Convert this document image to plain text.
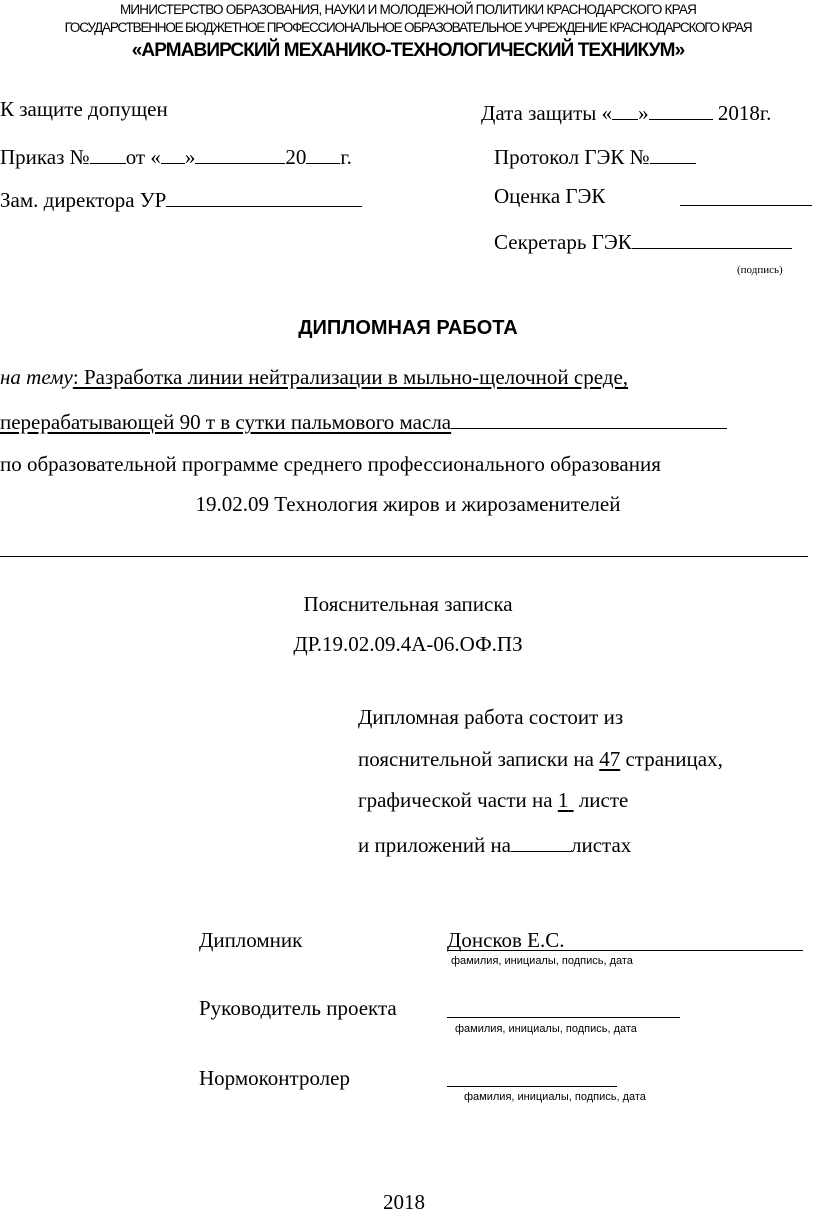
МИНИСТЕРСТВО ОБРАЗОВАНИЯ, НАУКИ И МОЛОДЕЖНОЙ ПОЛИТИКИ КРАСНОДАРСКОГО КРАЯ
ГОСУДАРСТВЕННОЕ БЮДЖЕТНОЕ ПРОФЕССИОНАЛЬНОЕ ОБРАЗОВАТЕЛЬНОЕ УЧРЕЖДЕНИЕ КРАСНОДАРСКОГО КРАЯ
«АРМАВИРСКИЙ МЕХАНИКО-ТЕХНОЛОГИЧЕСКИЙ ТЕХНИКУМ»
К защите допущен	Дата защиты « »	2018г.
Приказ № от « »	20 г.	Протокол ГЭК №
Зам. директора УР	Оценка ГЭК
Секретарь ГЭК
(подпись)
ДИПЛОМНАЯ РАБОТА
на тему: Разработка линии нейтрализации в мыльно-щелочной среде,
перерабатывающей 90 т в сутки пальмового масла
по образовательной программе среднего профессионального образования
19.02.09 Технология жиров и жирозаменителей
Пояснительная записка
ДР.19.02.09.4А-06.ОФ.ПЗ
Дипломная работа состоит из
пояснительной записки на 47 страницах,
графической части на 1  листе
и приложений на	листах
Дипломник	Донсков Е.С.
фамилия, инициалы, подпись, дата
Руководитель проекта
фамилия, инициалы, подпись, дата
Нормоконтролер
фамилия, инициалы, подпись, дата
2018
